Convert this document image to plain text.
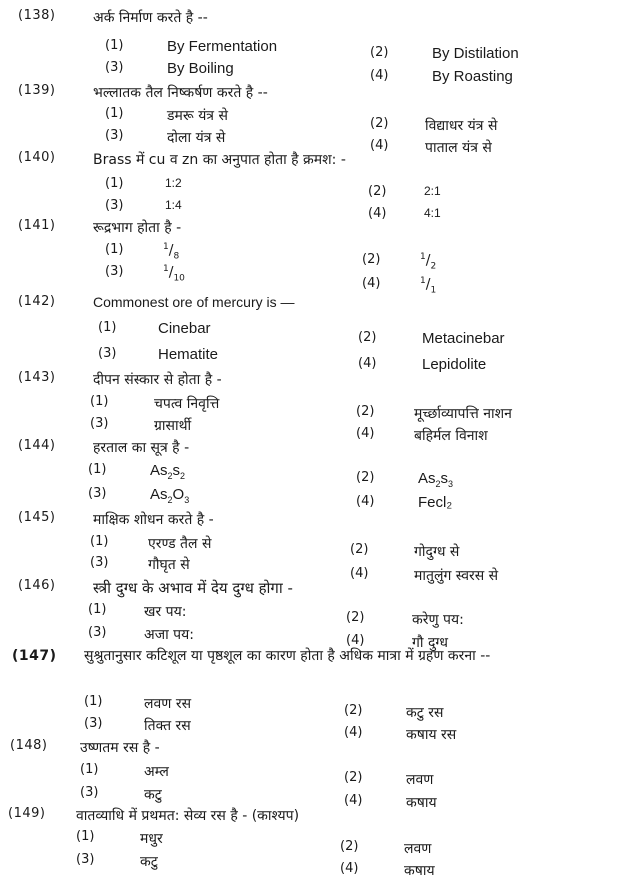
(138)	अर्क निर्माण करते है --
(1)	By Fermentation	(2)	By Distilation
(3)	By Boiling	(4)	By Roasting
(139)	भल्लातक तैल निष्कर्षण करते है --
(1)	डमरू यंत्र से	(2)	विद्याधर यंत्र से
(3)	दोला यंत्र से	(4)	पाताल यंत्र से
(140)	Brass में cu व zn का अनुपात होता है क्रमश: -
(1)	1:2
(2)	2:1
(3)	1:4
(4)	4:1
(141)	रूद्रभाग होता है -
(1)	$^1/_8$	(2)	$^1/_2$
(3)	$^1/_{10}$	(4)	$^1/_1$
(142)	Commonest ore of mercury is —
(1)	Cinebar
(2)	Metacinebar
(3)	Hematite
(4)	Lepidolite
(143)	दीपन संस्कार से होता है -
(1)	चपत्व निवृत्ति	(2)	मूर्च्छाव्यापत्ति नाशन
(3)	ग्रासार्थी	(4)	बहिर्मल विनाश
(144)	हरताल का सूत्र है -
(1)	$As_2s_2$	(2)	$As_2s_3$
(3)	$As_2O_3$	(4)	Fecl₂
(145)	माक्षिक शोधन करते है -
(1)	एरण्ड तैल से	(2)	गोदुग्ध से
(3)	गौघृत से
(4)	मातुलुंग स्वरस से
(146)	स्त्री दुग्ध के अभाव में देय दुग्ध होगा -
(1)	खर पय:	(2)	करेणु पय:
(3)	अजा पय:	(4)	गौ दुग्ध
(147) सुश्रुतानुसार कटिशूल या पृष्ठशूल का कारण होता है अधिक मात्रा में ग्रहण करना --
(1)	लवण रस	(2)	कटु रस
(3)	तिक्त रस	(4)	कषाय रस
(148) उष्णतम रस है -
(1)	अम्ल	(2)	लवण
(3)	कटु	(4)	कषाय
(149) वातव्याधि में प्रथमत: सेव्य रस है - (काश्यप)
(1)	मधुर	(2)	लवण
(3)	कटु	(4)	कषाय
